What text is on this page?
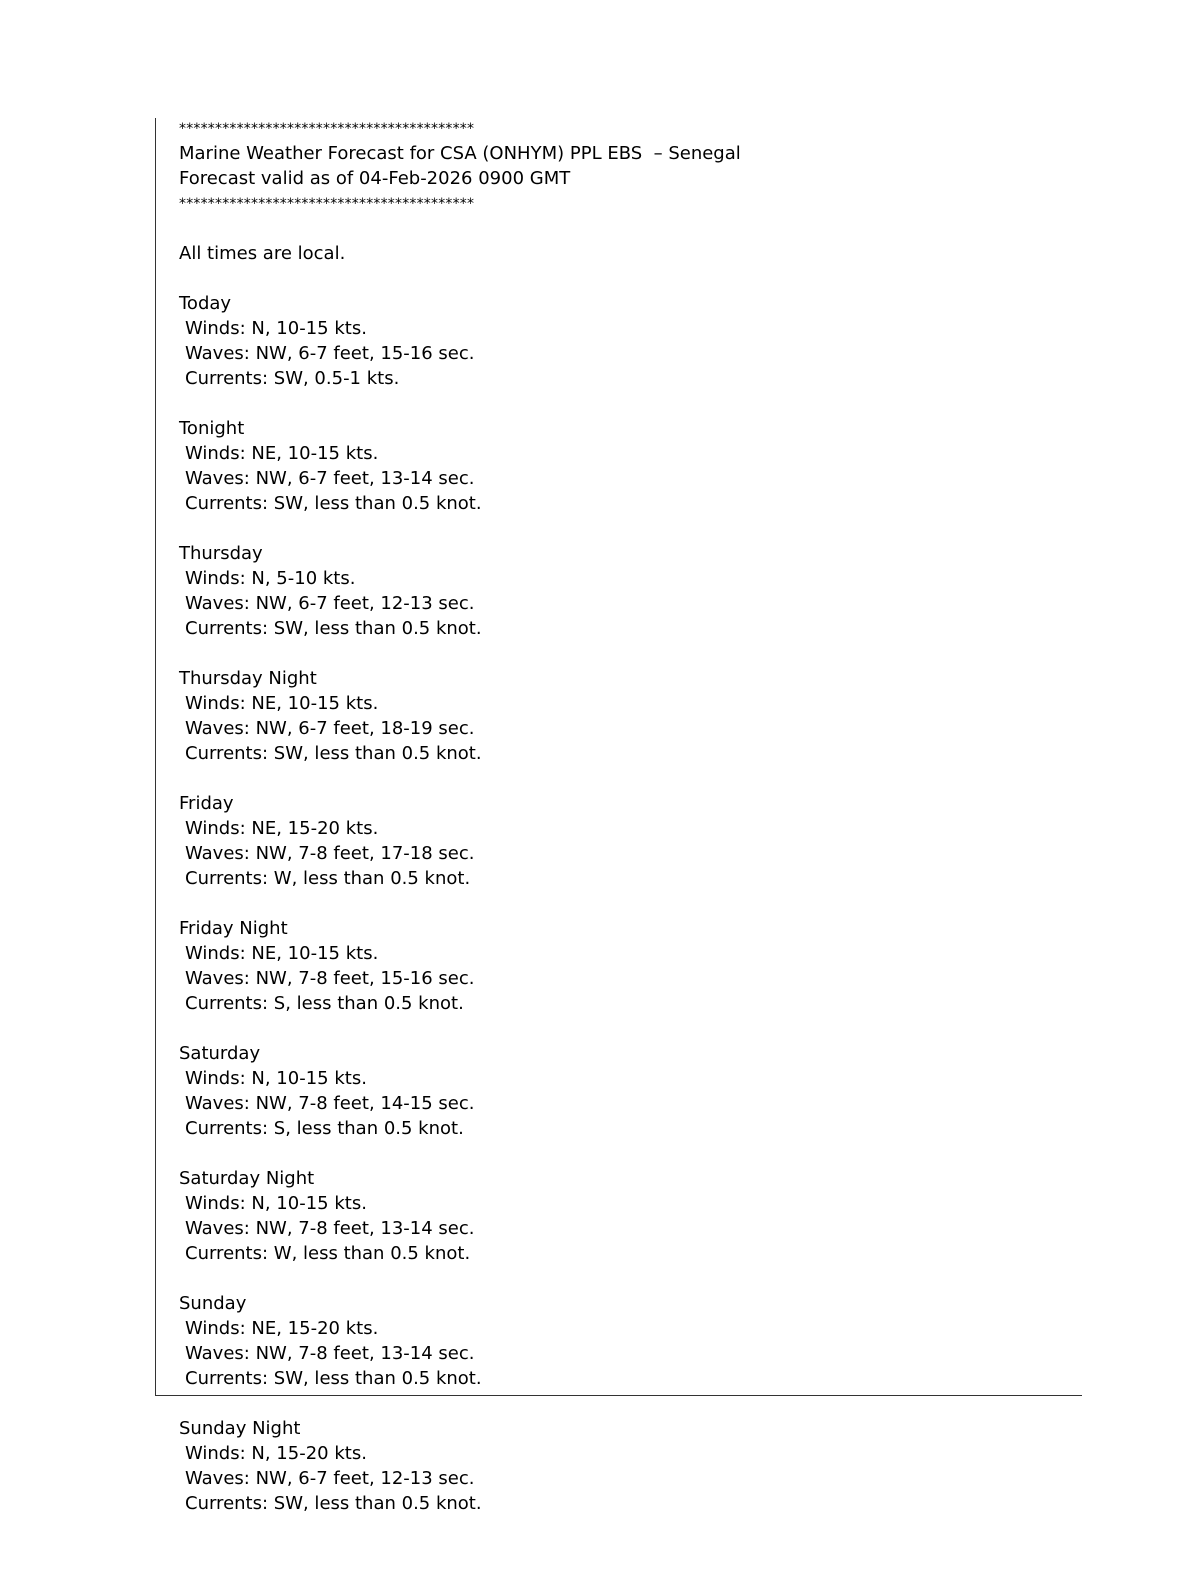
*****************************************
Marine Weather Forecast for CSA (ONHYM) PPL EBS  – Senegal
Forecast valid as of 04-Feb-2026 0900 GMT
*****************************************
All times are local.
Today
Winds: N, 10-15 kts.
Waves: NW, 6-7 feet, 15-16 sec.
Currents: SW, 0.5-1 kts.
Tonight
Winds: NE, 10-15 kts.
Waves: NW, 6-7 feet, 13-14 sec.
Currents: SW, less than 0.5 knot.
Thursday
Winds: N, 5-10 kts.
Waves: NW, 6-7 feet, 12-13 sec.
Currents: SW, less than 0.5 knot.
Thursday Night
Winds: NE, 10-15 kts.
Waves: NW, 6-7 feet, 18-19 sec.
Currents: SW, less than 0.5 knot.
Friday
Winds: NE, 15-20 kts.
Waves: NW, 7-8 feet, 17-18 sec.
Currents: W, less than 0.5 knot.
Friday Night
Winds: NE, 10-15 kts.
Waves: NW, 7-8 feet, 15-16 sec.
Currents: S, less than 0.5 knot.
Saturday
Winds: N, 10-15 kts.
Waves: NW, 7-8 feet, 14-15 sec.
Currents: S, less than 0.5 knot.
Saturday Night
Winds: N, 10-15 kts.
Waves: NW, 7-8 feet, 13-14 sec.
Currents: W, less than 0.5 knot.
Sunday
Winds: NE, 15-20 kts.
Waves: NW, 7-8 feet, 13-14 sec.
Currents: SW, less than 0.5 knot.
Sunday Night
Winds: N, 15-20 kts.
Waves: NW, 6-7 feet, 12-13 sec.
Currents: SW, less than 0.5 knot.
